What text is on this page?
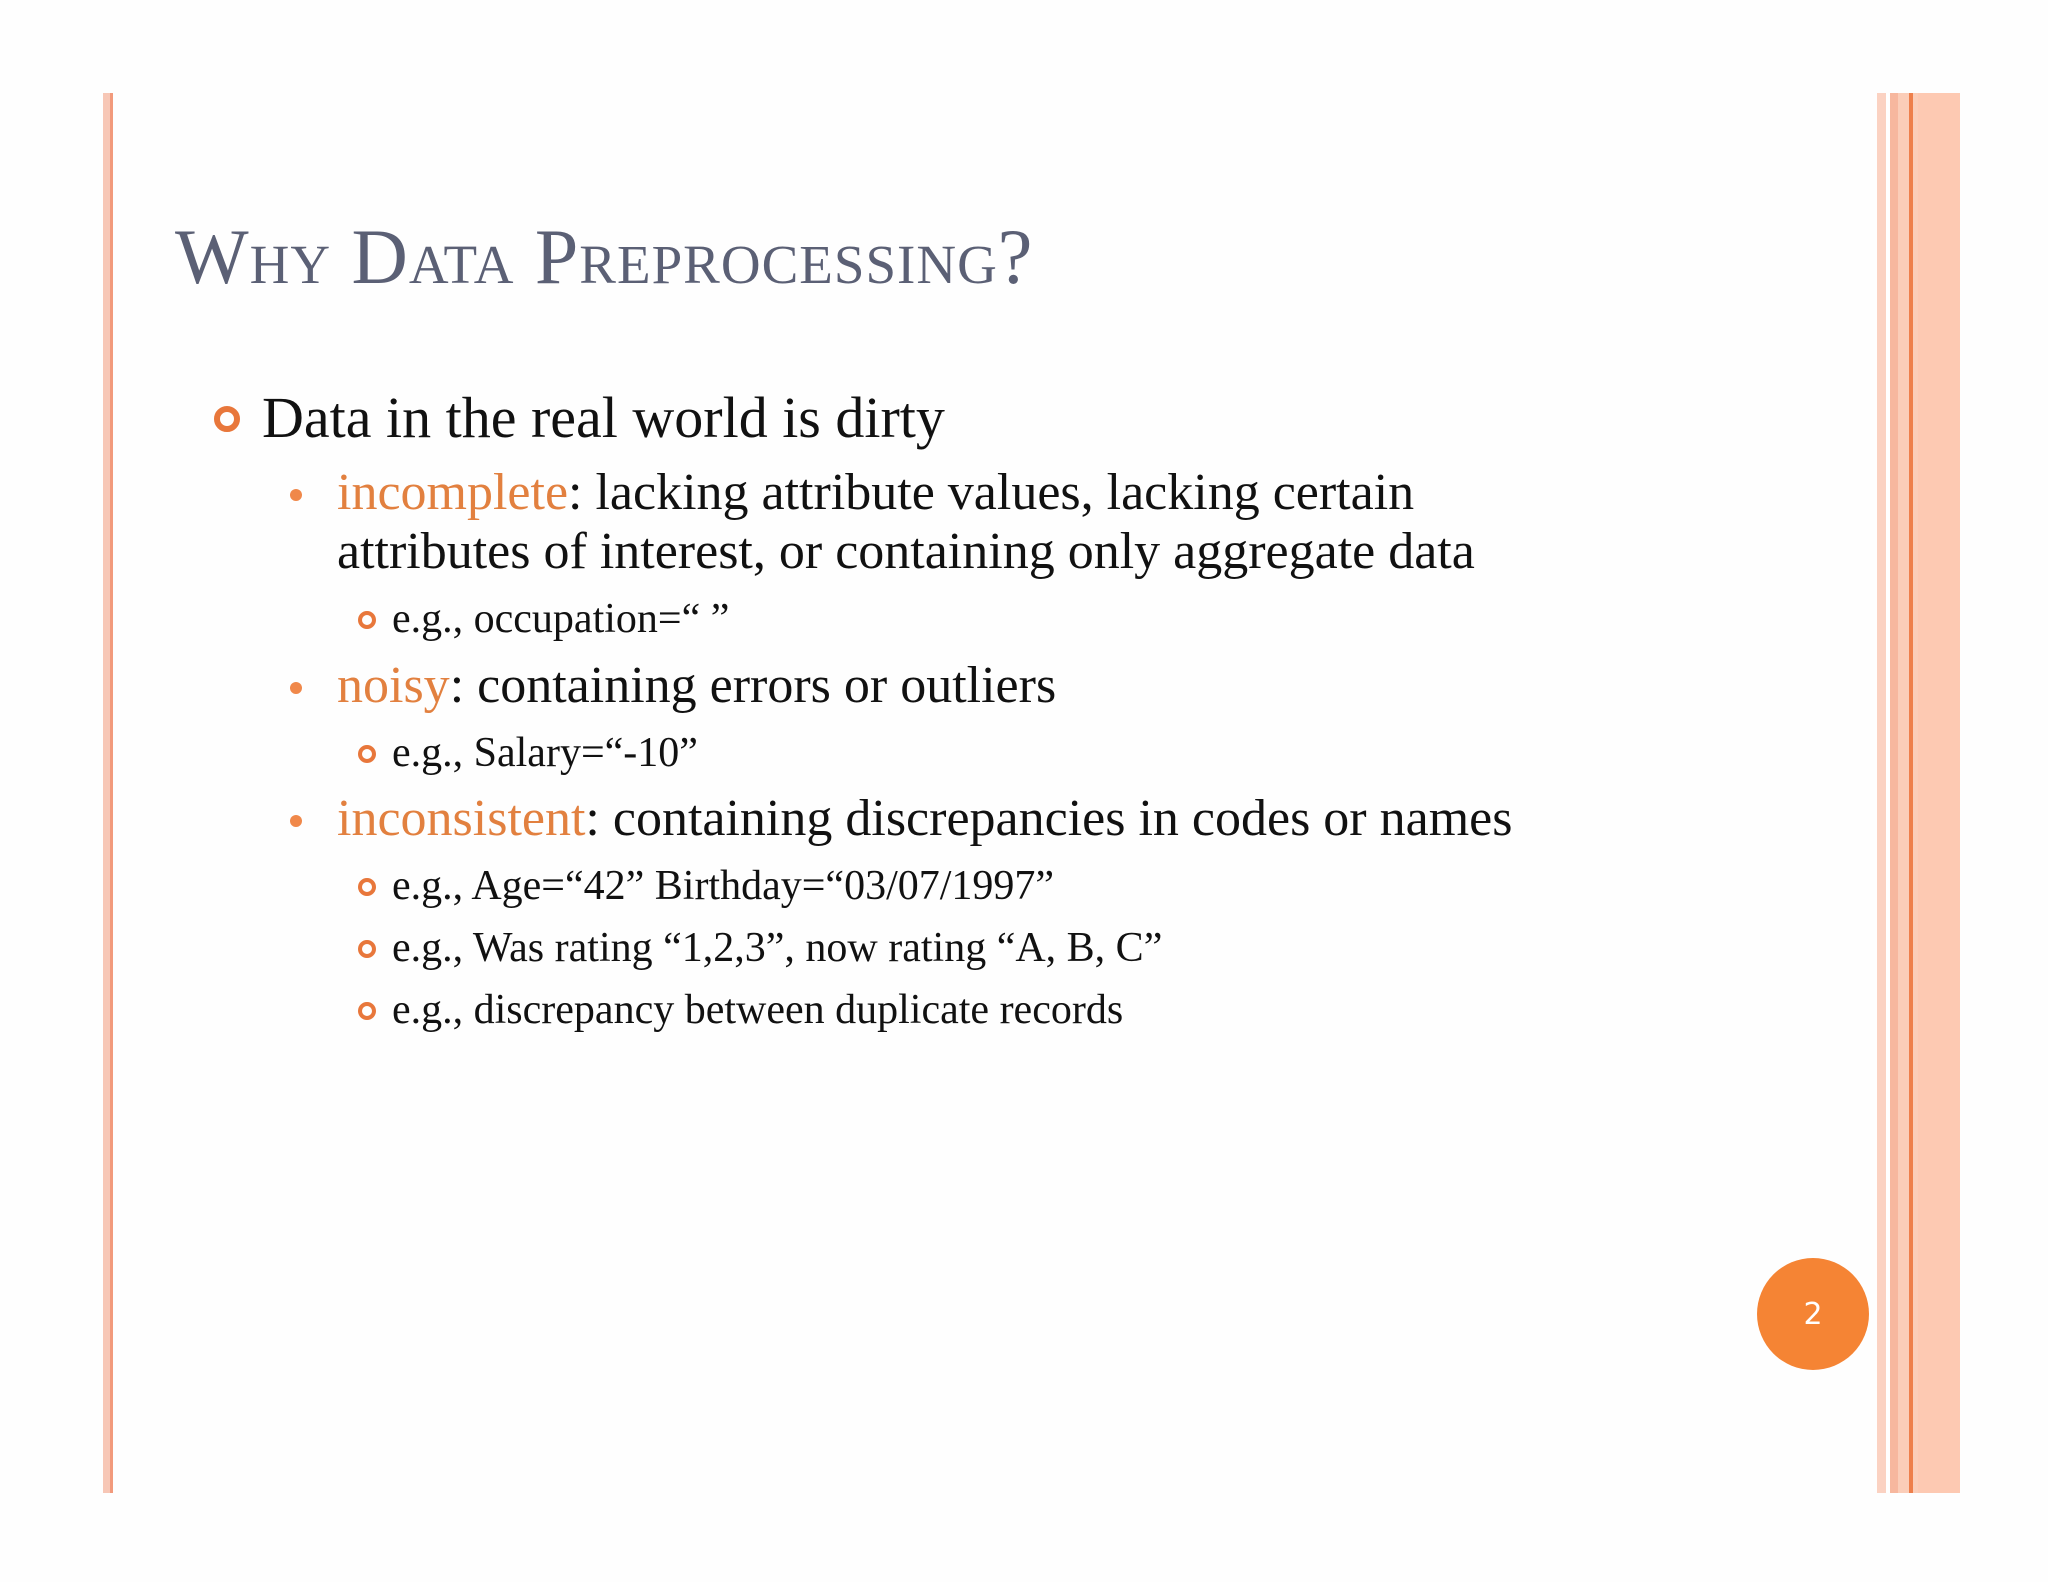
Why Data Preprocessing?
Data in the real world is dirty
incomplete: lacking attribute values, lacking certain
attributes of interest, or containing only aggregate data
e.g., occupation=“ ”
noisy: containing errors or outliers
e.g., Salary=“-10”
inconsistent: containing discrepancies in codes or names
e.g., Age=“42” Birthday=“03/07/1997”
e.g., Was rating “1,2,3”, now rating “A, B, C”
e.g., discrepancy between duplicate records
2
